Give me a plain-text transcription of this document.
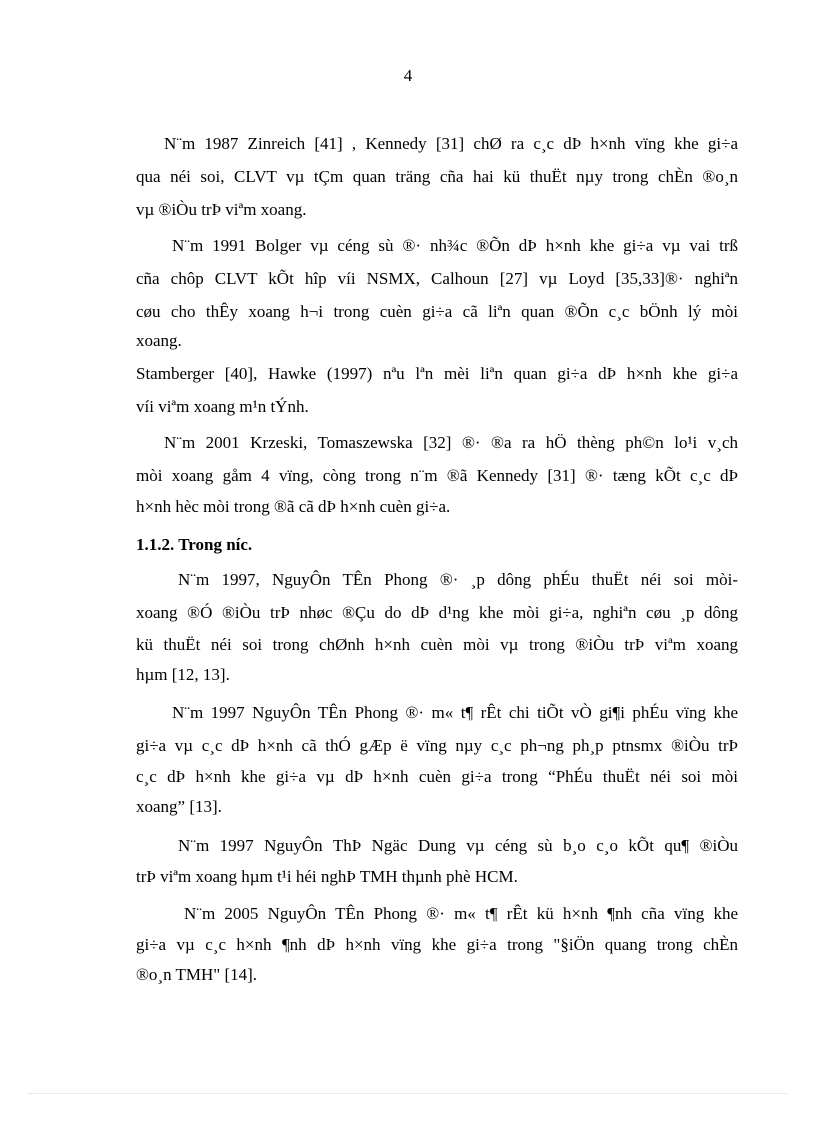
4
N¨m 1987 Zinreich [41] , Kennedy [31] chØ ra c¸c dÞ h×nh vïng khe gi÷a
qua néi soi, CLVT vµ tÇm quan träng cña hai kü thuËt nµy trong chÈn ®o¸n
vµ ®iÒu trÞ viªm xoang.
N¨m 1991 Bolger vµ céng sù ®· nh¾c ®Õn dÞ h×nh khe gi÷a vµ vai trß
cña chôp CLVT kÕt hîp víi NSMX, Calhoun [27] vµ Loyd [35,33]®· nghiªn
cøu cho thÊy xoang h¬i trong cuèn gi÷a cã liªn quan ®Õn c¸c bÖnh lý mòi
xoang.
Stamberger [40], Hawke (1997) nªu lªn mèi liªn quan gi÷a dÞ h×nh khe gi÷a
víi viªm xoang m¹n tÝnh.
N¨m 2001 Krzeski, Tomaszewska [32] ®· ®a ra hÖ thèng ph©n lo¹i v¸ch
mòi xoang gåm 4 vïng, còng trong n¨m ®ã Kennedy [31] ®· tæng kÕt c¸c dÞ
h×nh hèc mòi trong ®ã cã dÞ h×nh cuèn gi÷a.
1.1.2. Trong níc.
N¨m 1997, NguyÔn TÊn Phong ®· ¸p dông phÉu thuËt néi soi mòi-
xoang ®Ó ®iÒu trÞ nhøc ®Çu do dÞ d¹ng khe mòi gi÷a, nghiªn cøu ¸p dông
kü thuËt néi soi trong chØnh h×nh cuèn mòi vµ trong ®iÒu trÞ viªm xoang
hµm [12, 13].
N¨m 1997 NguyÔn TÊn Phong ®· m« t¶ rÊt chi tiÕt vÒ gi¶i phÉu vïng khe
gi÷a vµ c¸c dÞ h×nh cã thÓ gÆp ë vïng nµy c¸c ph¬ng ph¸p ptnsmx ®iÒu trÞ
c¸c dÞ h×nh khe gi÷a vµ dÞ h×nh cuèn gi÷a trong “PhÉu thuËt néi soi mòi
xoang” [13].
N¨m 1997 NguyÔn ThÞ Ngäc Dung vµ céng sù b¸o c¸o kÕt qu¶ ®iÒu
trÞ viªm xoang hµm t¹i héi nghÞ TMH thµnh phè HCM.
N¨m 2005 NguyÔn TÊn Phong ®· m« t¶ rÊt kü h×nh ¶nh cña vïng khe
gi÷a vµ c¸c h×nh ¶nh dÞ h×nh vïng khe gi÷a trong "§iÖn quang trong chÈn
®o¸n TMH" [14].
